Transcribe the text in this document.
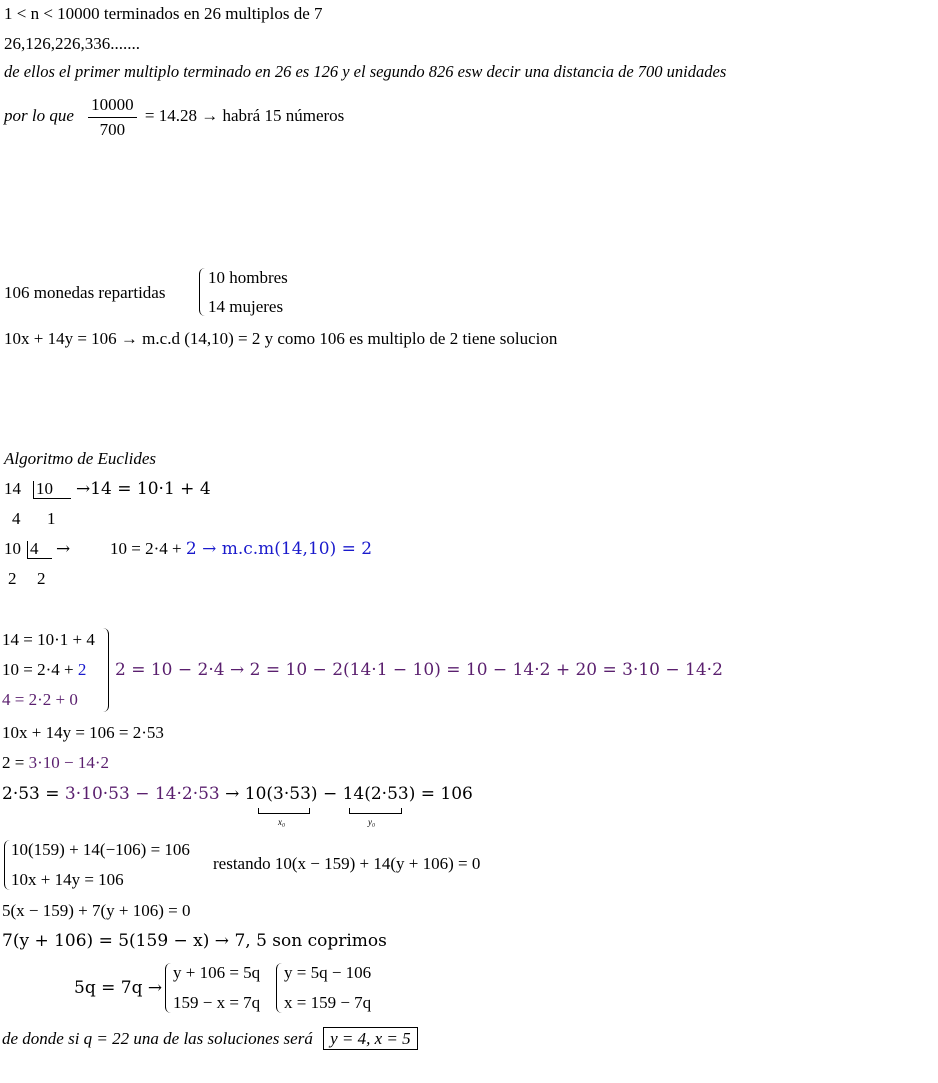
1 < n < 10000 terminados en 26 multiplos de 7
26,126,226,336.......
de ellos el primer multiplo terminado en 26 es 126 y el segundo 826 esw decir una distancia de 700 unidades
por lo que $\frac{10000}{700} = 14.28$ → habrá 15 números
106 monedas repartidas
10 hombres
14 mujeres
10x + 14y = 106 → m.c.d (14,10) = 2 y como 106 es multiplo de 2 tiene solucion
Algoritmo de Euclides
14 10 →14 = 10·1 + 4
4 1
10 4 → 10 = 2·4 + 2 → m.c.m(14,10) = 2
2 2
14 = 10·1 + 4
10 = 2·4 + 2
4 = 2·2 + 0
2 = 10 − 2·4 → 2 = 10 − 2(14·1 − 10) = 10 − 14·2 + 20 = 3·10 − 14·2
10x + 14y = 106 = 2·53
2 = 3·10 − 14·2
2·53 = 3·10·53 − 14·2·53 → 10(3·53) − 14(2·53) = 106
x₀	y₀
10(159) + 14(−106) = 106
10x + 14y = 106
restando 10(x − 159) + 14(y + 106) = 0
5(x − 159) + 7(y + 106) = 0
7(y + 106) = 5(159 − x) → 7, 5 son coprimos
5q = 7q →
y + 106 = 5q
159 − x = 7q
y = 5q − 106
x = 159 − 7q
de donde si q = 22 una de las soluciones será y = 4, x = 5
